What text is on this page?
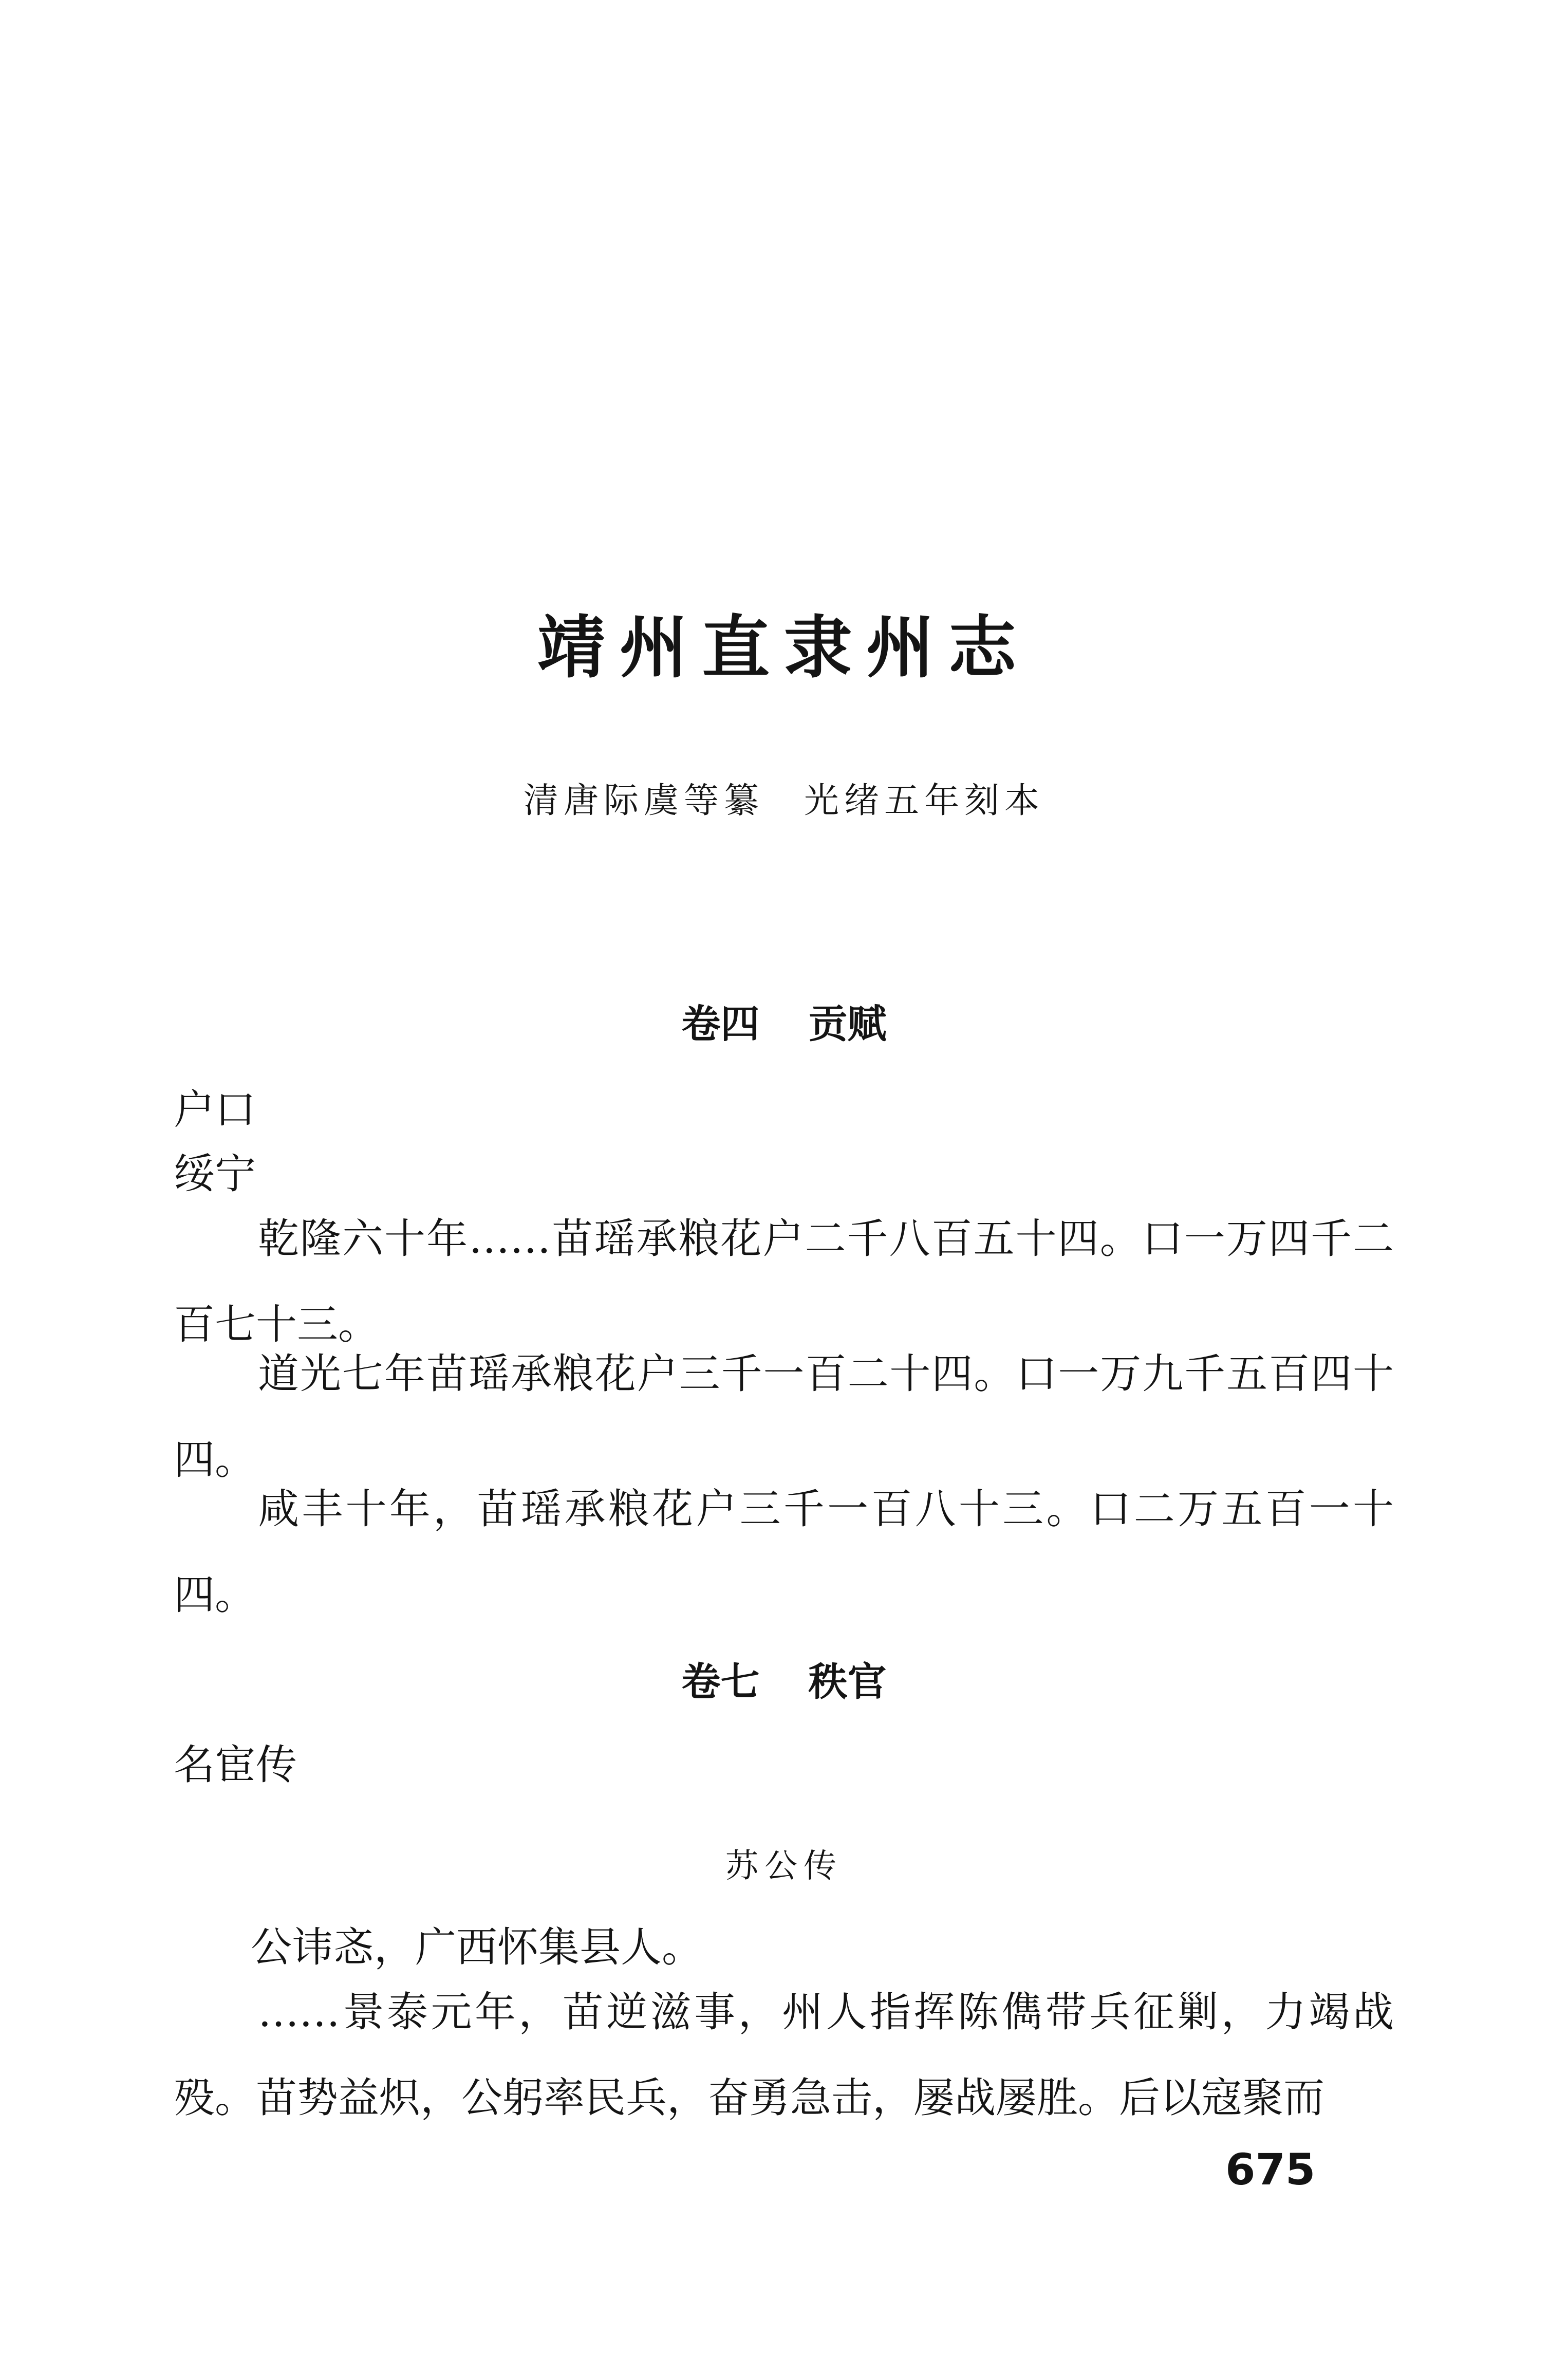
靖州直隶州志
清唐际虞等纂　光绪五年刻本
卷四 贡赋
户口
绥宁
乾隆六十年……苗瑶承粮花户二千八百五十四。口一万四千二百七十三。
道光七年苗瑶承粮花户三千一百二十四。口一万九千五百四十四。
咸丰十年，苗瑶承粮花户三千一百八十三。口二万五百一十四。
卷七 秩官
名宦传
苏公传
公讳忞，广西怀集县人。
……景泰元年，苗逆滋事，州人指挥陈儁带兵征剿，力竭战殁。苗势益炽，公躬率民兵，奋勇急击，屡战屡胜。后以寇聚而
675
